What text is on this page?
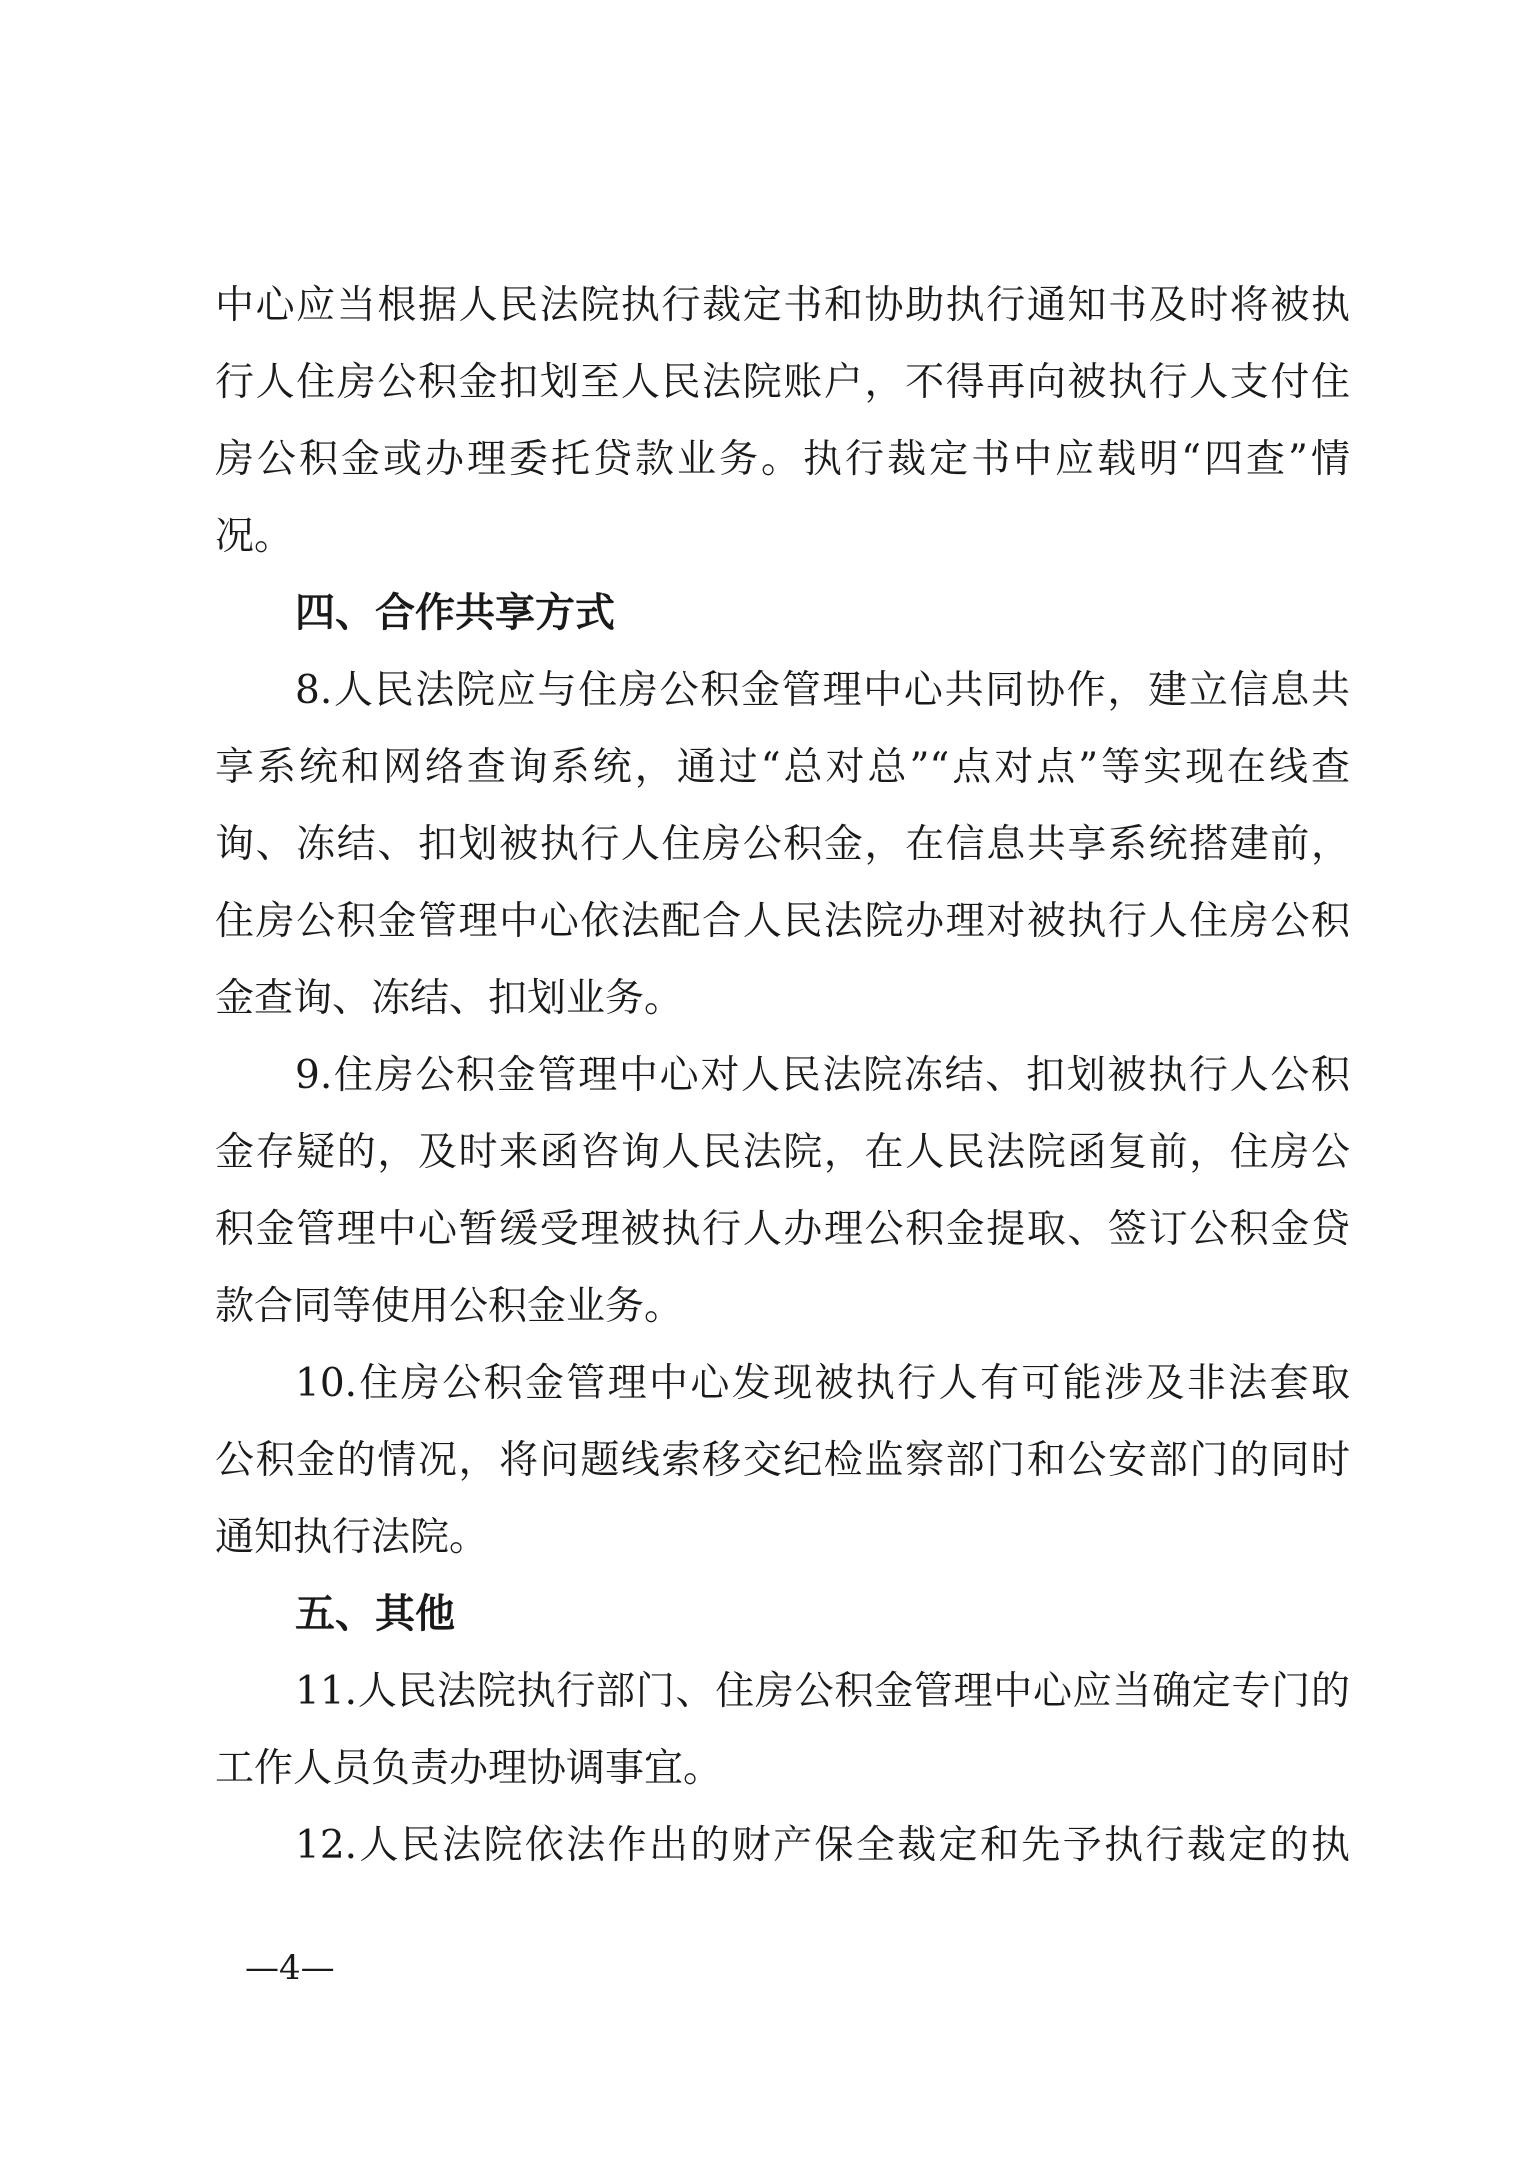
中心应当根据人民法院执行裁定书和协助执行通知书及时将被执
行人住房公积金扣划至人民法院账户，不得再向被执行人支付住
房公积金或办理委托贷款业务。执行裁定书中应载明“四查”情
况。
四、合作共享方式
8.人民法院应与住房公积金管理中心共同协作，建立信息共
享系统和网络查询系统，通过“总对总”“点对点”等实现在线查
询、冻结、扣划被执行人住房公积金，在信息共享系统搭建前，
住房公积金管理中心依法配合人民法院办理对被执行人住房公积
金查询、冻结、扣划业务。
9.住房公积金管理中心对人民法院冻结、扣划被执行人公积
金存疑的，及时来函咨询人民法院，在人民法院函复前，住房公
积金管理中心暂缓受理被执行人办理公积金提取、签订公积金贷
款合同等使用公积金业务。
10.住房公积金管理中心发现被执行人有可能涉及非法套取
公积金的情况，将问题线索移交纪检监察部门和公安部门的同时
通知执行法院。
五、其他
11.人民法院执行部门、住房公积金管理中心应当确定专门的
工作人员负责办理协调事宜。
12.人民法院依法作出的财产保全裁定和先予执行裁定的执
—4—
